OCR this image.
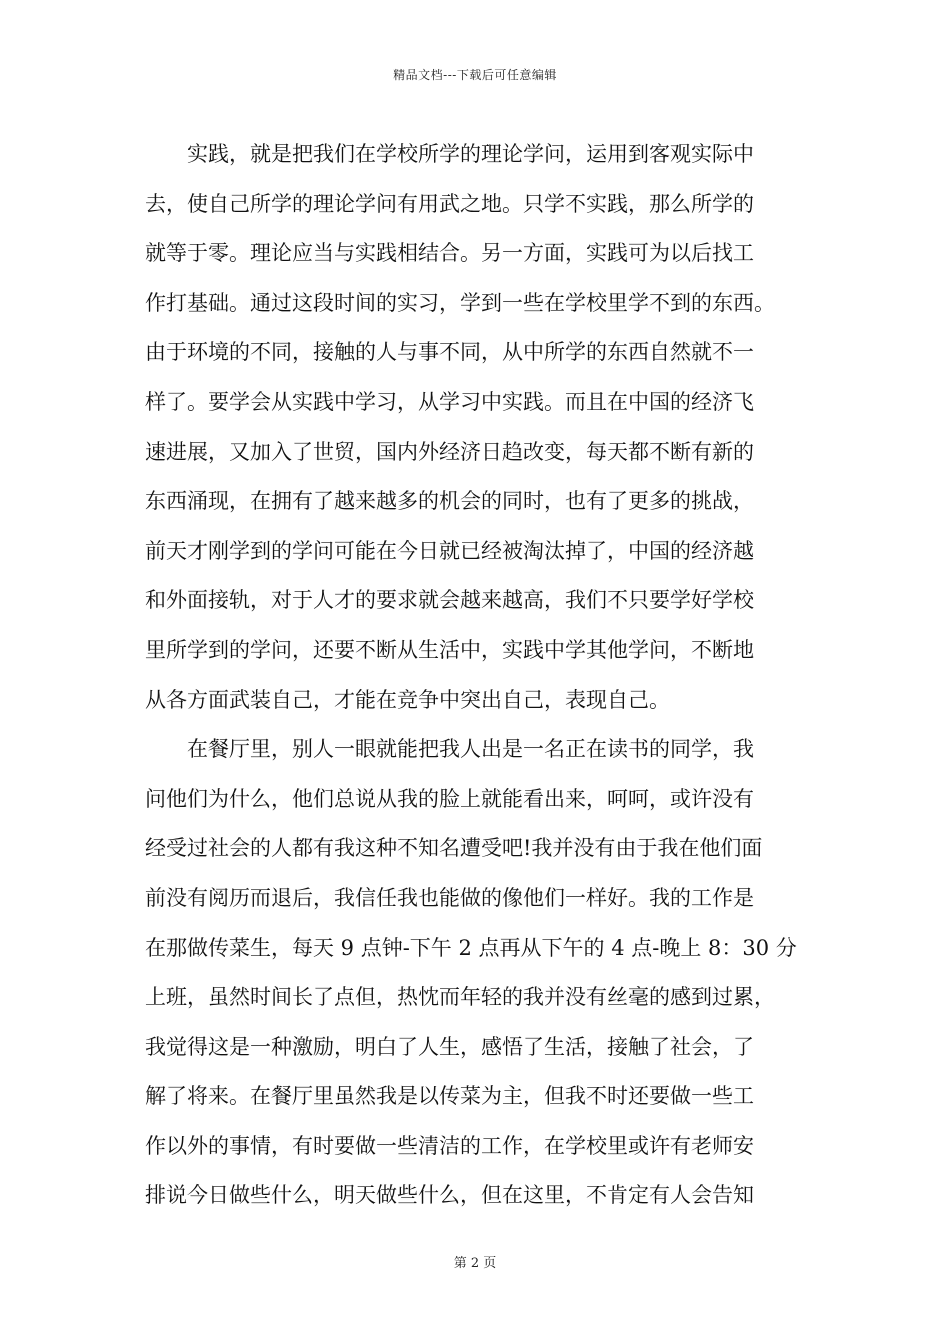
精品文档---下载后可任意编辑
　　实践，就是把我们在学校所学的理论学问，运用到客观实际中
去，使自己所学的理论学问有用武之地。只学不实践，那么所学的
就等于零。理论应当与实践相结合。另一方面，实践可为以后找工
作打基础。通过这段时间的实习，学到一些在学校里学不到的东西。
由于环境的不同，接触的人与事不同，从中所学的东西自然就不一
样了。要学会从实践中学习，从学习中实践。而且在中国的经济飞
速进展，又加入了世贸，国内外经济日趋改变，每天都不断有新的
东西涌现，在拥有了越来越多的机会的同时，也有了更多的挑战，
前天才刚学到的学问可能在今日就已经被淘汰掉了，中国的经济越
和外面接轨，对于人才的要求就会越来越高，我们不只要学好学校
里所学到的学问，还要不断从生活中，实践中学其他学问，不断地
从各方面武装自己，才能在竞争中突出自己，表现自己。
　　在餐厅里，别人一眼就能把我人出是一名正在读书的同学，我
问他们为什么，他们总说从我的脸上就能看出来，呵呵，或许没有
经受过社会的人都有我这种不知名遭受吧!我并没有由于我在他们面
前没有阅历而退后，我信任我也能做的像他们一样好。我的工作是
在那做传菜生，每天 9 点钟-下午 2 点再从下午的 4 点-晚上 8：30 分
上班，虽然时间长了点但，热忱而年轻的我并没有丝毫的感到过累，
我觉得这是一种激励，明白了人生，感悟了生活，接触了社会，了
解了将来。在餐厅里虽然我是以传菜为主，但我不时还要做一些工
作以外的事情，有时要做一些清洁的工作，在学校里或许有老师安
排说今日做些什么，明天做些什么，但在这里，不肯定有人会告知
第 2 页
